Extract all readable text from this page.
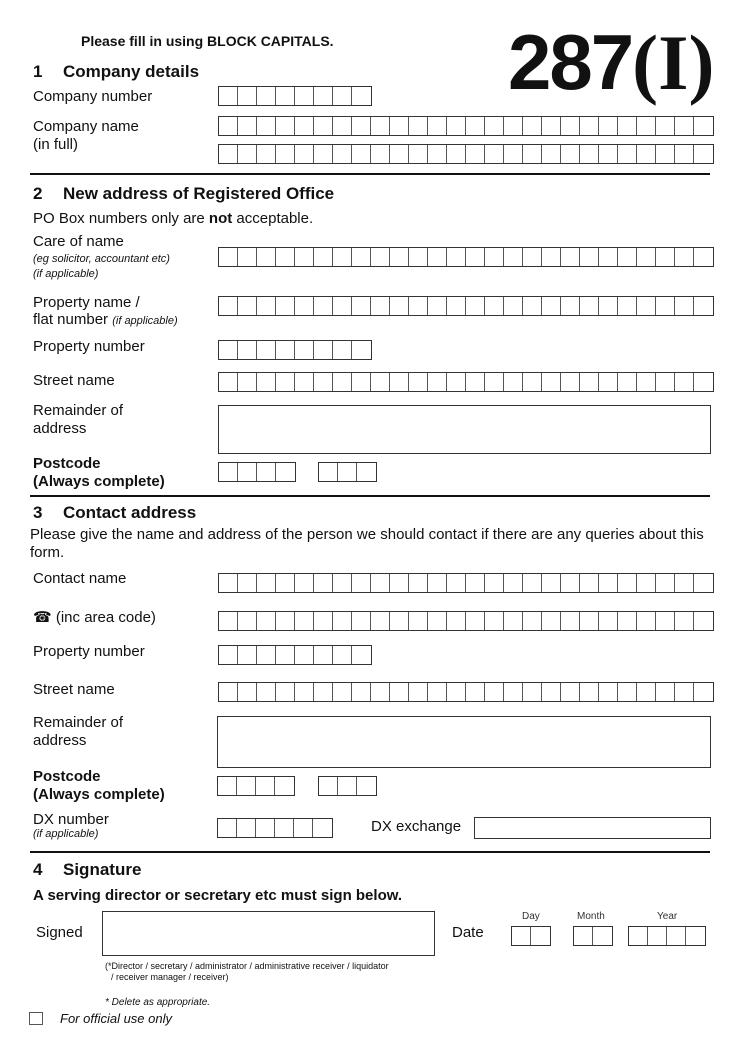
Please fill in using BLOCK CAPITALS. 287(I)
1 Company details
Company number
Company name
(in full)
2 New address of Registered Office
PO Box numbers only are not acceptable.
Care of name
(eg solicitor, accountant etc)
(if applicable)
Property name /
flat number (if applicable)
Property number
Street name
Remainder of
address
Postcode
(Always complete)
3 Contact address
Please give the name and address of the person we should contact if there are any queries about this form.
Contact name
☎ (inc area code)
Property number
Street name
Remainder of
address
Postcode
(Always complete)
DX number
(if applicable)	DX exchange
4 Signature
A serving director or secretary etc must sign below.
Signed	Date
Day	Month	Year
(*Director / secretary / administrator / administrative receiver / liquidator
/ receiver manager / receiver)
* Delete as appropriate.
For official use only
